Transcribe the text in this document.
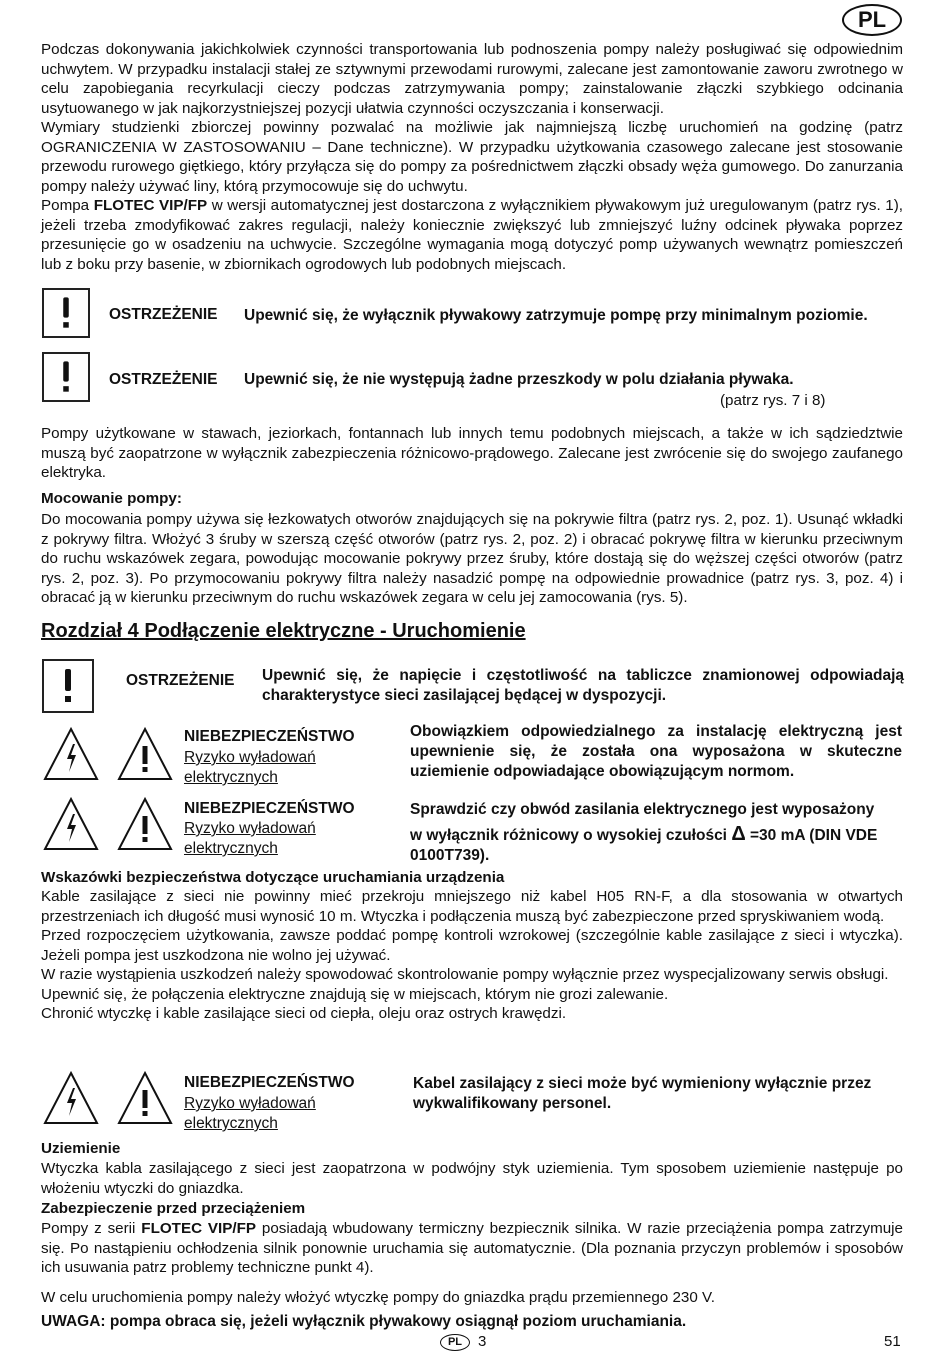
PL

Podczas dokonywania jakichkolwiek czynności transportowania lub podnoszenia pompy należy posługiwać się odpowiednim uchwytem. W przypadku instalacji stałej ze sztywnymi przewodami rurowymi, zalecane jest zamontowanie zaworu zwrotnego w celu zapobiegania recyrkulacji cieczy podczas zatrzymywania pompy; zainstalowanie złączki szybkiego odcinania usytuowanego w jak najkorzystniejszej pozycji ułatwia czynności oczyszczania i konserwacji.

Wymiary studzienki zbiorczej powinny pozwalać na możliwie jak najmniejszą liczbę uruchomień na godzinę (patrz OGRANICZENIA W ZASTOSOWANIU – Dane techniczne). W przypadku użytkowania czasowego zalecane jest stosowanie przewodu rurowego giętkiego, który przyłącza się do pompy za pośrednictwem złączki obsady węża gumowego. Do zanurzania pompy należy używać liny, którą przymocowuje się do uchwytu.

Pompa FLOTEC VIP/FP w wersji automatycznej jest dostarczona z wyłącznikiem pływakowym już uregulowanym (patrz rys. 1), jeżeli trzeba zmodyfikować zakres regulacji, należy koniecznie zwiększyć lub zmniejszyć luźny odcinek pływaka poprzez przesunięcie go w osadzeniu na uchwycie. Szczególne wymagania mogą dotyczyć pomp używanych wewnątrz pomieszczeń lub z boku przy basenie, w zbiornikach ogrodowych lub podobnych miejscach.

OSTRZEŻENIE Upewnić się, że wyłącznik pływakowy zatrzymuje pompę przy minimalnym poziomie.
OSTRZEŻENIE Upewnić się, że nie występują żadne przeszkody w polu działania pływaka.
(patrz rys. 7 i 8)
Pompy użytkowane w stawach, jeziorkach, fontannach lub innych temu podobnych miejscach, a także w ich sądziedztwie muszą być zaopatrzone w wyłącznik zabezpieczenia różnicowo-prądowego. Zalecane jest zwrócenie się do swojego zaufanego elektryka.
Mocowanie pompy:
Do mocowania pompy używa się łezkowatych otworów znajdujących się na pokrywie filtra (patrz rys. 2, poz. 1). Usunąć wkładki z pokrywy filtra. Włożyć 3 śruby w szerszą część otworów (patrz rys. 2, poz. 2) i obracać pokrywę filtra w kierunku przeciwnym do ruchu wskazówek zegara, powodując mocowanie pokrywy przez śruby, które dostają się do węższej części otworów (patrz rys. 2, poz. 3). Po przymocowaniu pokrywy filtra należy nasadzić pompę na odpowiednie prowadnice (patrz rys. 3, poz. 4) i obracać ją w kierunku przeciwnym do ruchu wskazówek zegara w celu jej zamocowania (rys. 5).
Rozdział 4 Podłączenie elektryczne - Uruchomienie
OSTRZEŻENIE Upewnić się, że napięcie i częstotliwość na tabliczce znamionowej odpowiadają charakterystyce sieci zasilającej będącej w dyspozycji.
NIEBEZPIECZEŃSTWO
Ryzyko wyładowań
elektrycznych
Obowiązkiem odpowiedzialnego za instalację elektryczną jest upewnienie się, że została ona wyposażona w skuteczne uziemienie odpowiadające obowiązującym normom.
NIEBEZPIECZEŃSTWO
Ryzyko wyładowań
elektrycznych
Sprawdzić czy obwód zasilania elektrycznego jest wyposażony
w wyłącznik różnicowy o wysokiej czułości Δ =30 mA (DIN VDE
0100T739).
Wskazówki bezpieczeństwa dotyczące uruchamiania urządzenia

Kable zasilające z sieci nie powinny mieć przekroju mniejszego niż kabel H05 RN-F, a dla stosowania w otwartych przestrzeniach ich długość musi wynosić 10 m. Wtyczka i podłączenia muszą być zabezpieczone przed spryskiwaniem wodą.

Przed rozpoczęciem użytkowania, zawsze poddać pompę kontroli wzrokowej (szczególnie kable zasilające z sieci i wtyczka). Jeżeli pompa jest uszkodzona nie wolno jej używać.

W razie wystąpienia uszkodzeń należy spowodować skontrolowanie pompy wyłącznie przez wyspecjalizowany serwis obsługi.

Upewnić się, że połączenia elektryczne znajdują się w miejscach, którym nie grozi zalewanie.

Chronić wtyczkę i kable zasilające sieci od ciepła, oleju oraz ostrych krawędzi.

NIEBEZPIECZEŃSTWO
Ryzyko wyładowań
elektrycznych
Kabel zasilający z sieci może być wymieniony wyłącznie przez wykwalifikowany personel.
Uziemienie
Wtyczka kabla zasilającego z sieci jest zaopatrzona w podwójny styk uziemienia. Tym sposobem uziemienie następuje po włożeniu wtyczki do gniazdka.
Zabezpieczenie przed przeciążeniem
Pompy z serii FLOTEC VIP/FP posiadają wbudowany termiczny bezpiecznik silnika. W razie przeciążenia pompa zatrzymuje się. Po nastąpieniu ochłodzenia silnik ponownie uruchamia się automatycznie. (Dla poznania przyczyn problemów i sposobów ich usuwania patrz problemy techniczne punkt 4).
W celu uruchomienia pompy należy włożyć wtyczkę pompy do gniazdka prądu przemiennego 230 V.
UWAGA: pompa obraca się, jeżeli wyłącznik pływakowy osiągnął poziom uruchamiania.
PL	3	51
